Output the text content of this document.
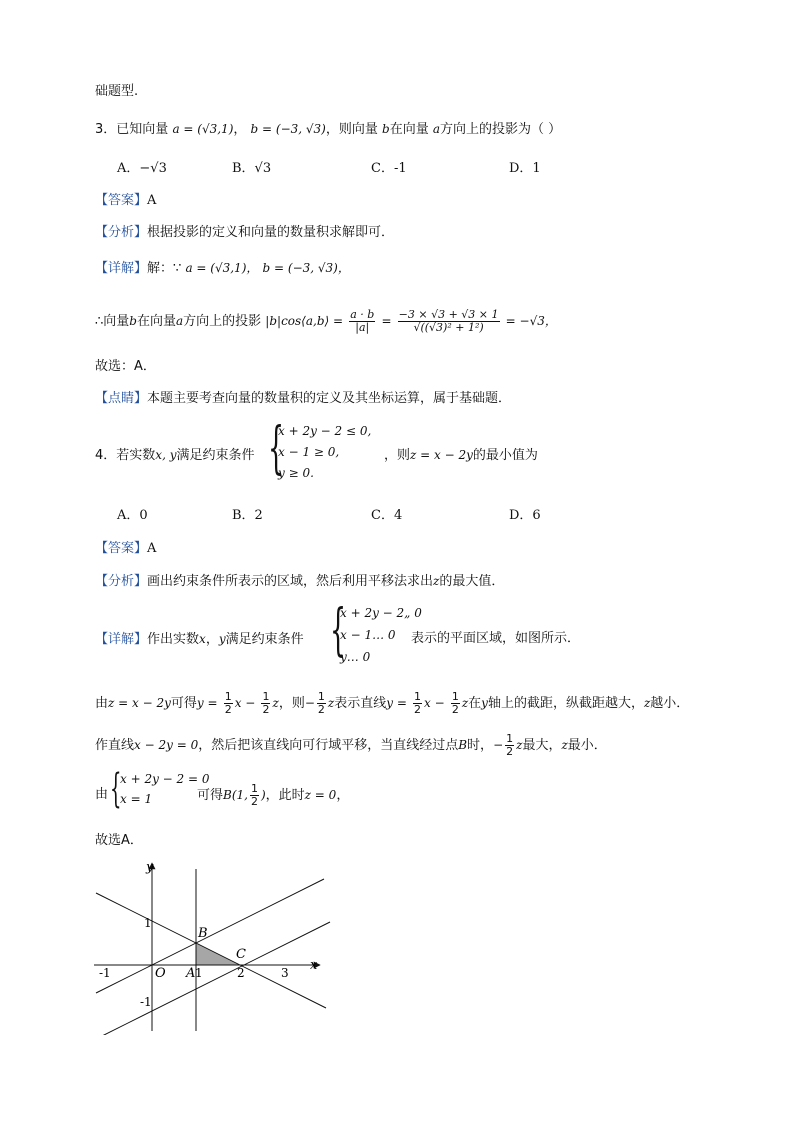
础题型.
3．已知向量 a = (√3,1)， b = (−3, √3)，则向量 b在向量 a方向上的投影为（ ）
A．−√3	B．√3	C．-1	D．1
【答案】A
【分析】根据投影的定义和向量的数量积求解即可．
【详解】解：∵ a = (√3,1)， b = (−3, √3)，
∴向量b在向量a方向上的投影 |b|cos⟨a,b⟩ = $\frac{a \cdot b}{|a|} = \frac{-3 \times √3 + √3 \times 1}{\text{√((√3)² + 1²)}} = -√3$，
故选：A．
【点睛】本题主要考查向量的数量积的定义及其坐标运算，属于基础题．
4．若实数x, y满足约束条件 {
x + 2y − 2 ≤ 0,
x − 1 ≥ 0,
y ≥ 0.
，则z = x − 2y的最小值为
A．0	B．2	C．4	D．6
【答案】A
【分析】画出约束条件所表示的区域，然后利用平移法求出z的最大值．
【详解】作出实数x，y满足约束条件 {
x + 2y − 2„ 0
x − 1… 0
y… 0
表示的平面区域，如图所示．
由z = x − 2y可得$y = \frac{1}{2}$ $x - \frac{1}{2}$ z，则− $\frac{1}{2}$ z表示直线$y = \frac{1}{2}$ $x - \frac{1}{2}$ z在y轴上的截距，纵截距越大，z越小．
作直线x − 2y = 0，然后把该直线向可行域平移，当直线经过点B时，− $\frac{1}{2}$ z最大，z最小．
由 {
x + 2y − 2 = 0
x = 1	可得B(1, $\frac{1}{2}$ )，此时z = 0，
故选A．
y
x
O A
B
C
1
-1
-1	1	2	3
